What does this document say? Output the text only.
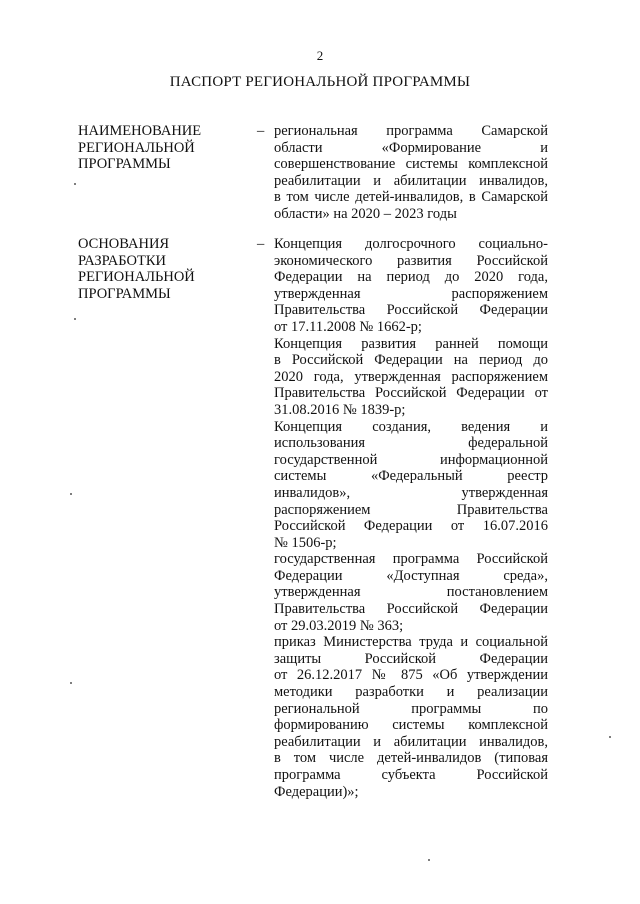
2
ПАСПОРТ РЕГИОНАЛЬНОЙ ПРОГРАММЫ
НАИМЕНОВАНИЕ
РЕГИОНАЛЬНОЙ
ПРОГРАММЫ
– региональная программа Самарской
области «Формирование и
совершенствование системы комплексной
реабилитации и абилитации инвалидов,
в том числе детей-инвалидов, в Самарской
области» на 2020 – 2023 годы
ОСНОВАНИЯ
РАЗРАБОТКИ
РЕГИОНАЛЬНОЙ
ПРОГРАММЫ
– Концепция долгосрочного социально-
экономического развития Российской
Федерации на период до 2020 года,
утвержденная распоряжением
Правительства Российской Федерации
от 17.11.2008 № 1662-р;
Концепция развития ранней помощи
в Российской Федерации на период до
2020 года, утвержденная распоряжением
Правительства Российской Федерации от
31.08.2016 № 1839-р;
Концепция создания, ведения и
использования федеральной
государственной информационной
системы «Федеральный реестр
инвалидов», утвержденная
распоряжением Правительства
Российской Федерации от 16.07.2016
№ 1506-р;
государственная программа Российской
Федерации «Доступная среда»,
утвержденная постановлением
Правительства Российской Федерации
от 29.03.2019 № 363;
приказ Министерства труда и социальной
защиты Российской Федерации
от 26.12.2017 № 875 «Об утверждении
методики разработки и реализации
региональной программы по
формированию системы комплексной
реабилитации и абилитации инвалидов,
в том числе детей-инвалидов (типовая
программа субъекта Российской
Федерации)»;
